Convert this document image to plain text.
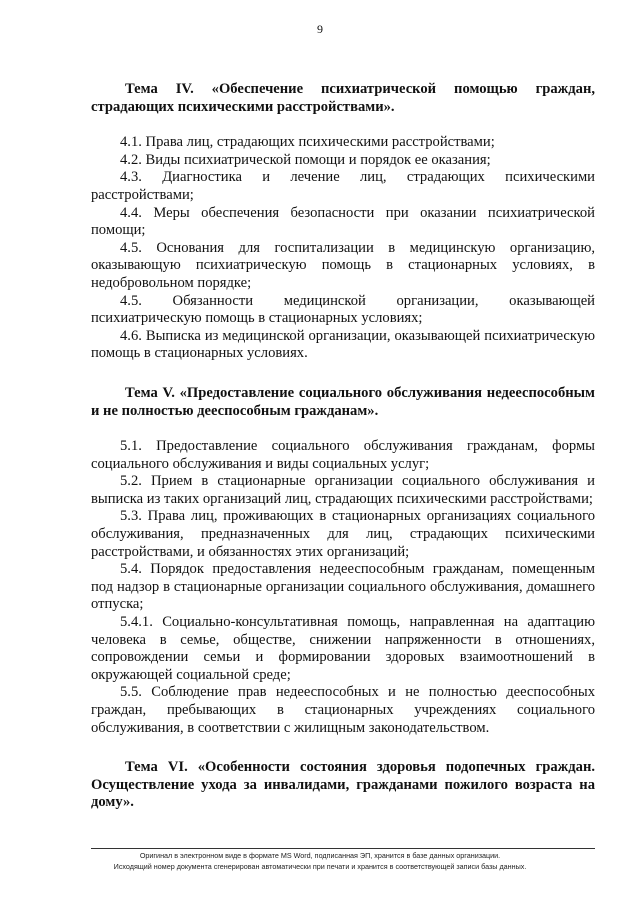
9

Тема IV. «Обеспечение психиатрической помощью граждан, страдающих психическими расстройствами».

4.1. Права лиц, страдающих психическими расстройствами;

4.2. Виды психиатрической помощи и порядок ее оказания;

4.3. Диагностика и лечение лиц, страдающих психическими расстройствами;

4.4. Меры обеспечения безопасности при оказании психиатрической помощи;

4.5. Основания для госпитализации в медицинскую организацию, оказывающую психиатрическую помощь в стационарных условиях, в недобровольном порядке;

4.5. Обязанности медицинской организации, оказывающей психиатрическую помощь в стационарных условиях;

4.6. Выписка из медицинской организации, оказывающей психиатрическую помощь в стационарных условиях.

Тема V. «Предоставление социального обслуживания недееспособным и не полностью дееспособным гражданам».

5.1. Предоставление социального обслуживания гражданам, формы социального обслуживания и виды социальных услуг;

5.2. Прием в стационарные организации социального обслуживания и выписка из таких организаций лиц, страдающих психическими расстройствами;

5.3. Права лиц, проживающих в стационарных организациях социального обслуживания, предназначенных для лиц, страдающих психическими расстройствами, и обязанностях этих организаций;

5.4. Порядок предоставления недееспособным гражданам, помещенным под надзор в стационарные организации социального обслуживания, домашнего отпуска;

5.4.1. Социально-консультативная помощь, направленная на адаптацию человека в семье, обществе, снижении напряженности в отношениях, сопровождении семьи и формировании здоровых взаимоотношений в окружающей социальной среде;

5.5. Соблюдение прав недееспособных и не полностью дееспособных граждан, пребывающих в стационарных учреждениях социального обслуживания, в соответствии с жилищным законодательством.

Тема VI. «Особенности состояния здоровья подопечных граждан. Осуществление ухода за инвалидами, гражданами пожилого возраста на дому».

Оригинал в электронном виде в формате MS Word, подписанная ЭП, хранится в базе данных организации.
Исходящий номер документа сгенерирован автоматически при печати и хранится в соответствующей записи базы данных.
